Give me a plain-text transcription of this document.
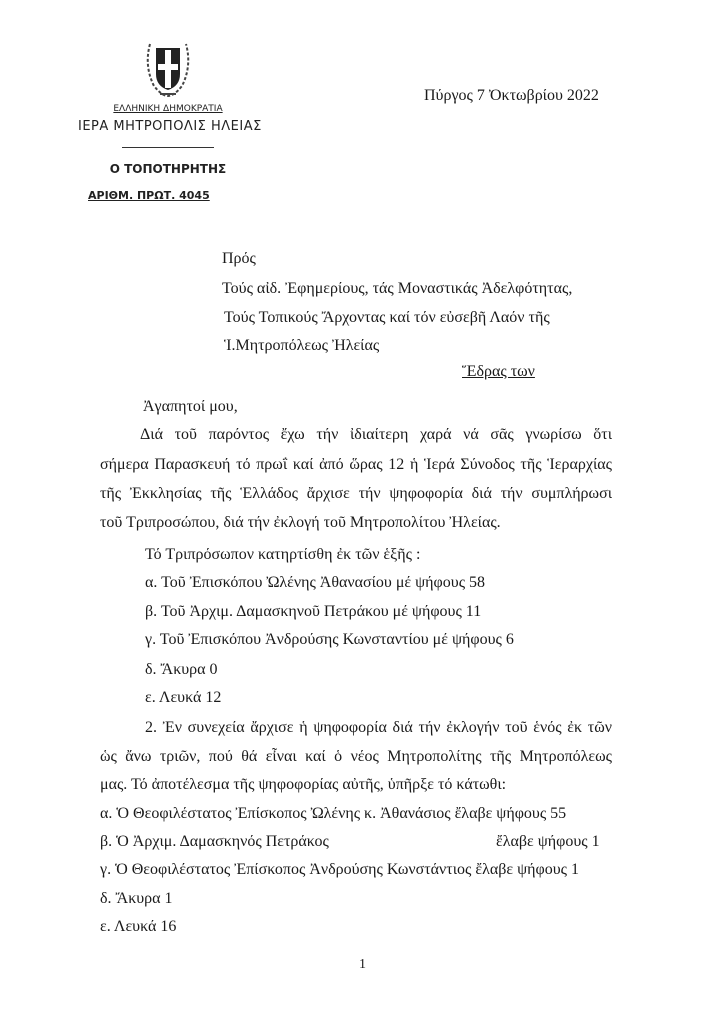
ΕΛΛΗΝΙΚΗ ΔΗΜΟΚΡΑΤΙΑ
ΙΕΡΑ ΜΗΤΡΟΠΟΛΙΣ ΗΛΕΙΑΣ
Ο ΤΟΠΟΤΗΡΗΤΗΣ
ΑΡΙΘΜ. ΠΡΩΤ. 4045
Πύργος 7 Ὀκτωβρίου 2022
Πρός
Τούς αἰδ. Ἐφημερίους, τάς Μοναστικάς Ἀδελφότητας,
Τούς Τοπικούς Ἄρχοντας καί τόν εὐσεβῆ Λαόν τῆς
Ἱ.Μητροπόλεως Ἠλείας
Ἕδρας των
Ἀγαπητοί μου,
Διά τοῦ παρόντος ἔχω τήν ἰδιαίτερη χαρά νά σᾶς γνωρίσω ὅτι
σήμερα Παρασκευή τό πρωΐ καί ἀπό ὥρας 12 ἡ Ἱερά Σύνοδος τῆς Ἱεραρχίας
τῆς Ἐκκλησίας τῆς Ἑλλάδος ἄρχισε τήν ψηφοφορία διά τήν συμπλήρωσι
τοῦ Τριπροσώπου, διά τήν ἐκλογή τοῦ Μητροπολίτου Ἠλείας.
Τό Τριπρόσωπον κατηρτίσθη ἐκ τῶν ἑξῆς :
α. Τοῦ Ἐπισκόπου Ὠλένης Ἀθανασίου μέ ψήφους 58
β. Τοῦ Ἀρχιμ. Δαμασκηνοῦ Πετράκου μέ ψήφους 11
γ. Τοῦ Ἐπισκόπου Ἀνδρούσης Κωνσταντίου μέ ψήφους 6
δ. Ἄκυρα 0
ε. Λευκά 12
2. Ἐν συνεχεία ἄρχισε ἡ ψηφοφορία διά τήν ἐκλογήν τοῦ ἑνός ἐκ τῶν
ὡς ἄνω τριῶν, πού θά εἶναι καί ὁ νέος Μητροπολίτης τῆς Μητροπόλεως
μας. Τό ἀποτέλεσμα τῆς ψηφοφορίας αὐτῆς, ὑπῆρξε τό κάτωθι:
α. Ὁ Θεοφιλέστατος Ἐπίσκοπος Ὠλένης κ. Ἀθανάσιος ἔλαβε ψήφους 55
β. Ὁ Ἀρχιμ. Δαμασκηνός Πετράκος	ἔλαβε ψήφους 1
γ. Ὁ Θεοφιλέστατος Ἐπίσκοπος Ἀνδρούσης Κωνστάντιος ἔλαβε ψήφους 1
δ. Ἄκυρα 1
ε. Λευκά 16
1
